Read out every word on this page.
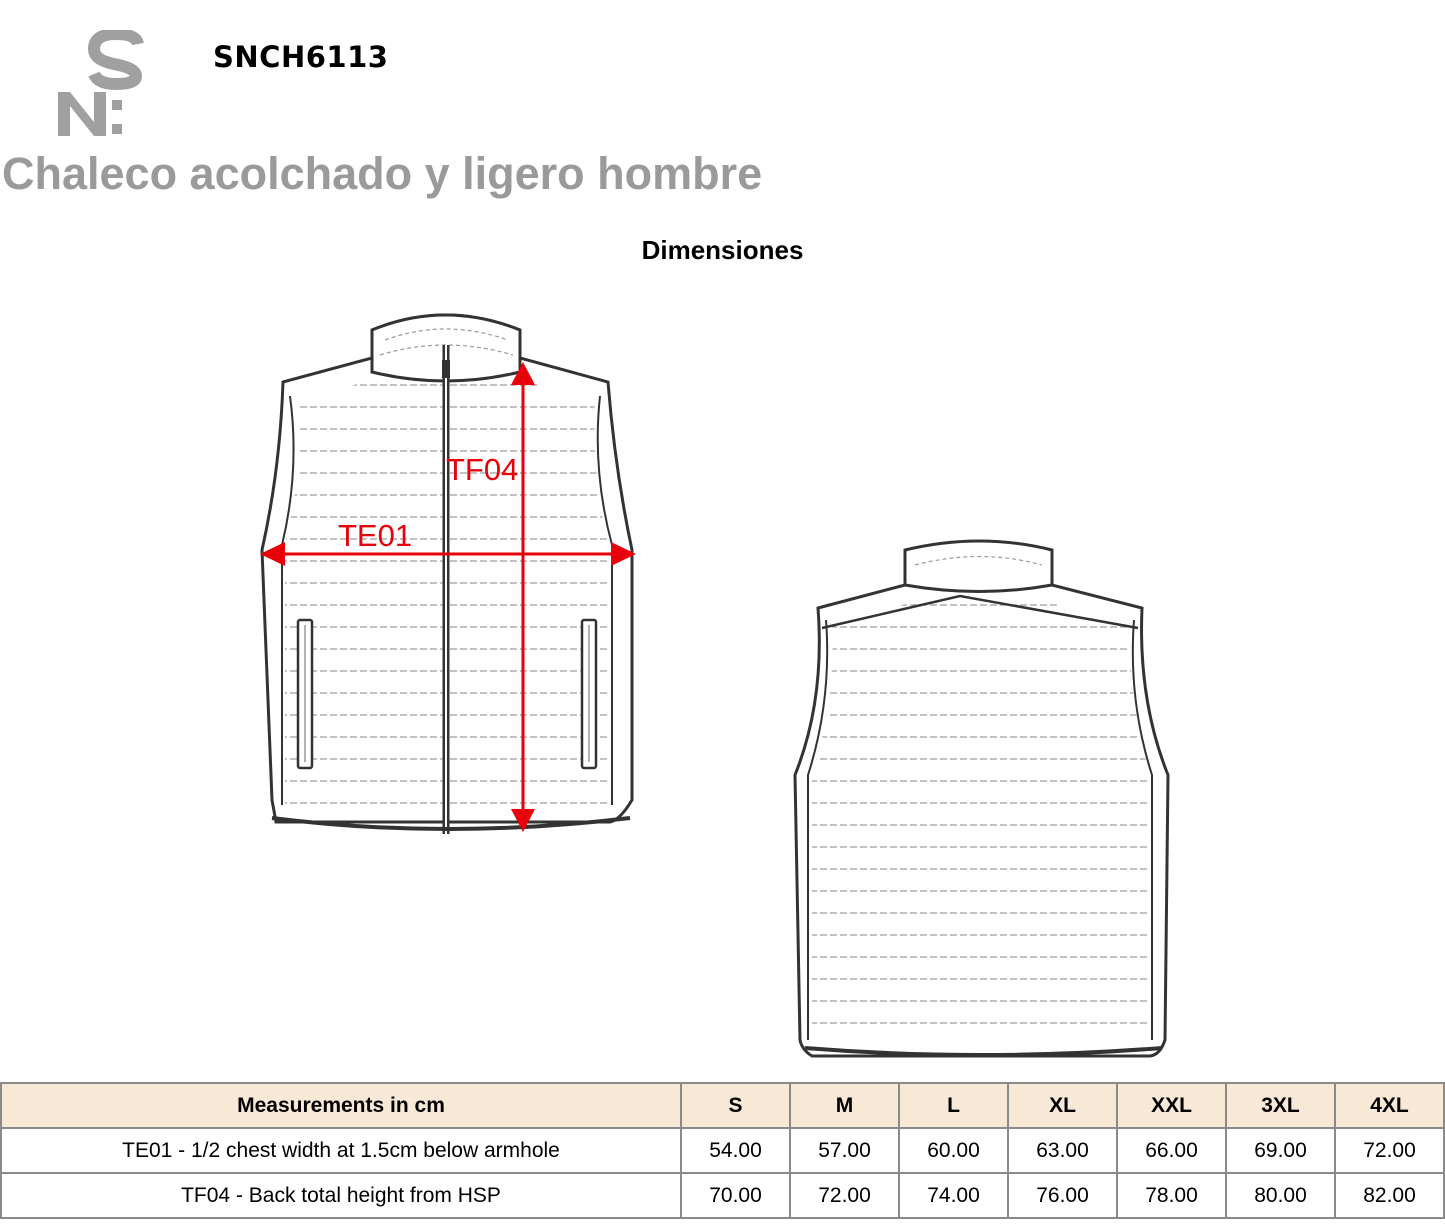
SNCH6113
Chaleco acolchado y ligero hombre
Dimensiones
TE01
TF04
Measurements in cm	S	M	L	XL	XXL	3XL	4XL
TE01 - 1/2 chest width at 1.5cm below armhole	54.00	57.00	60.00	63.00	66.00	69.00	72.00
TF04 - Back total height from HSP	70.00	72.00	74.00	76.00	78.00	80.00	82.00
